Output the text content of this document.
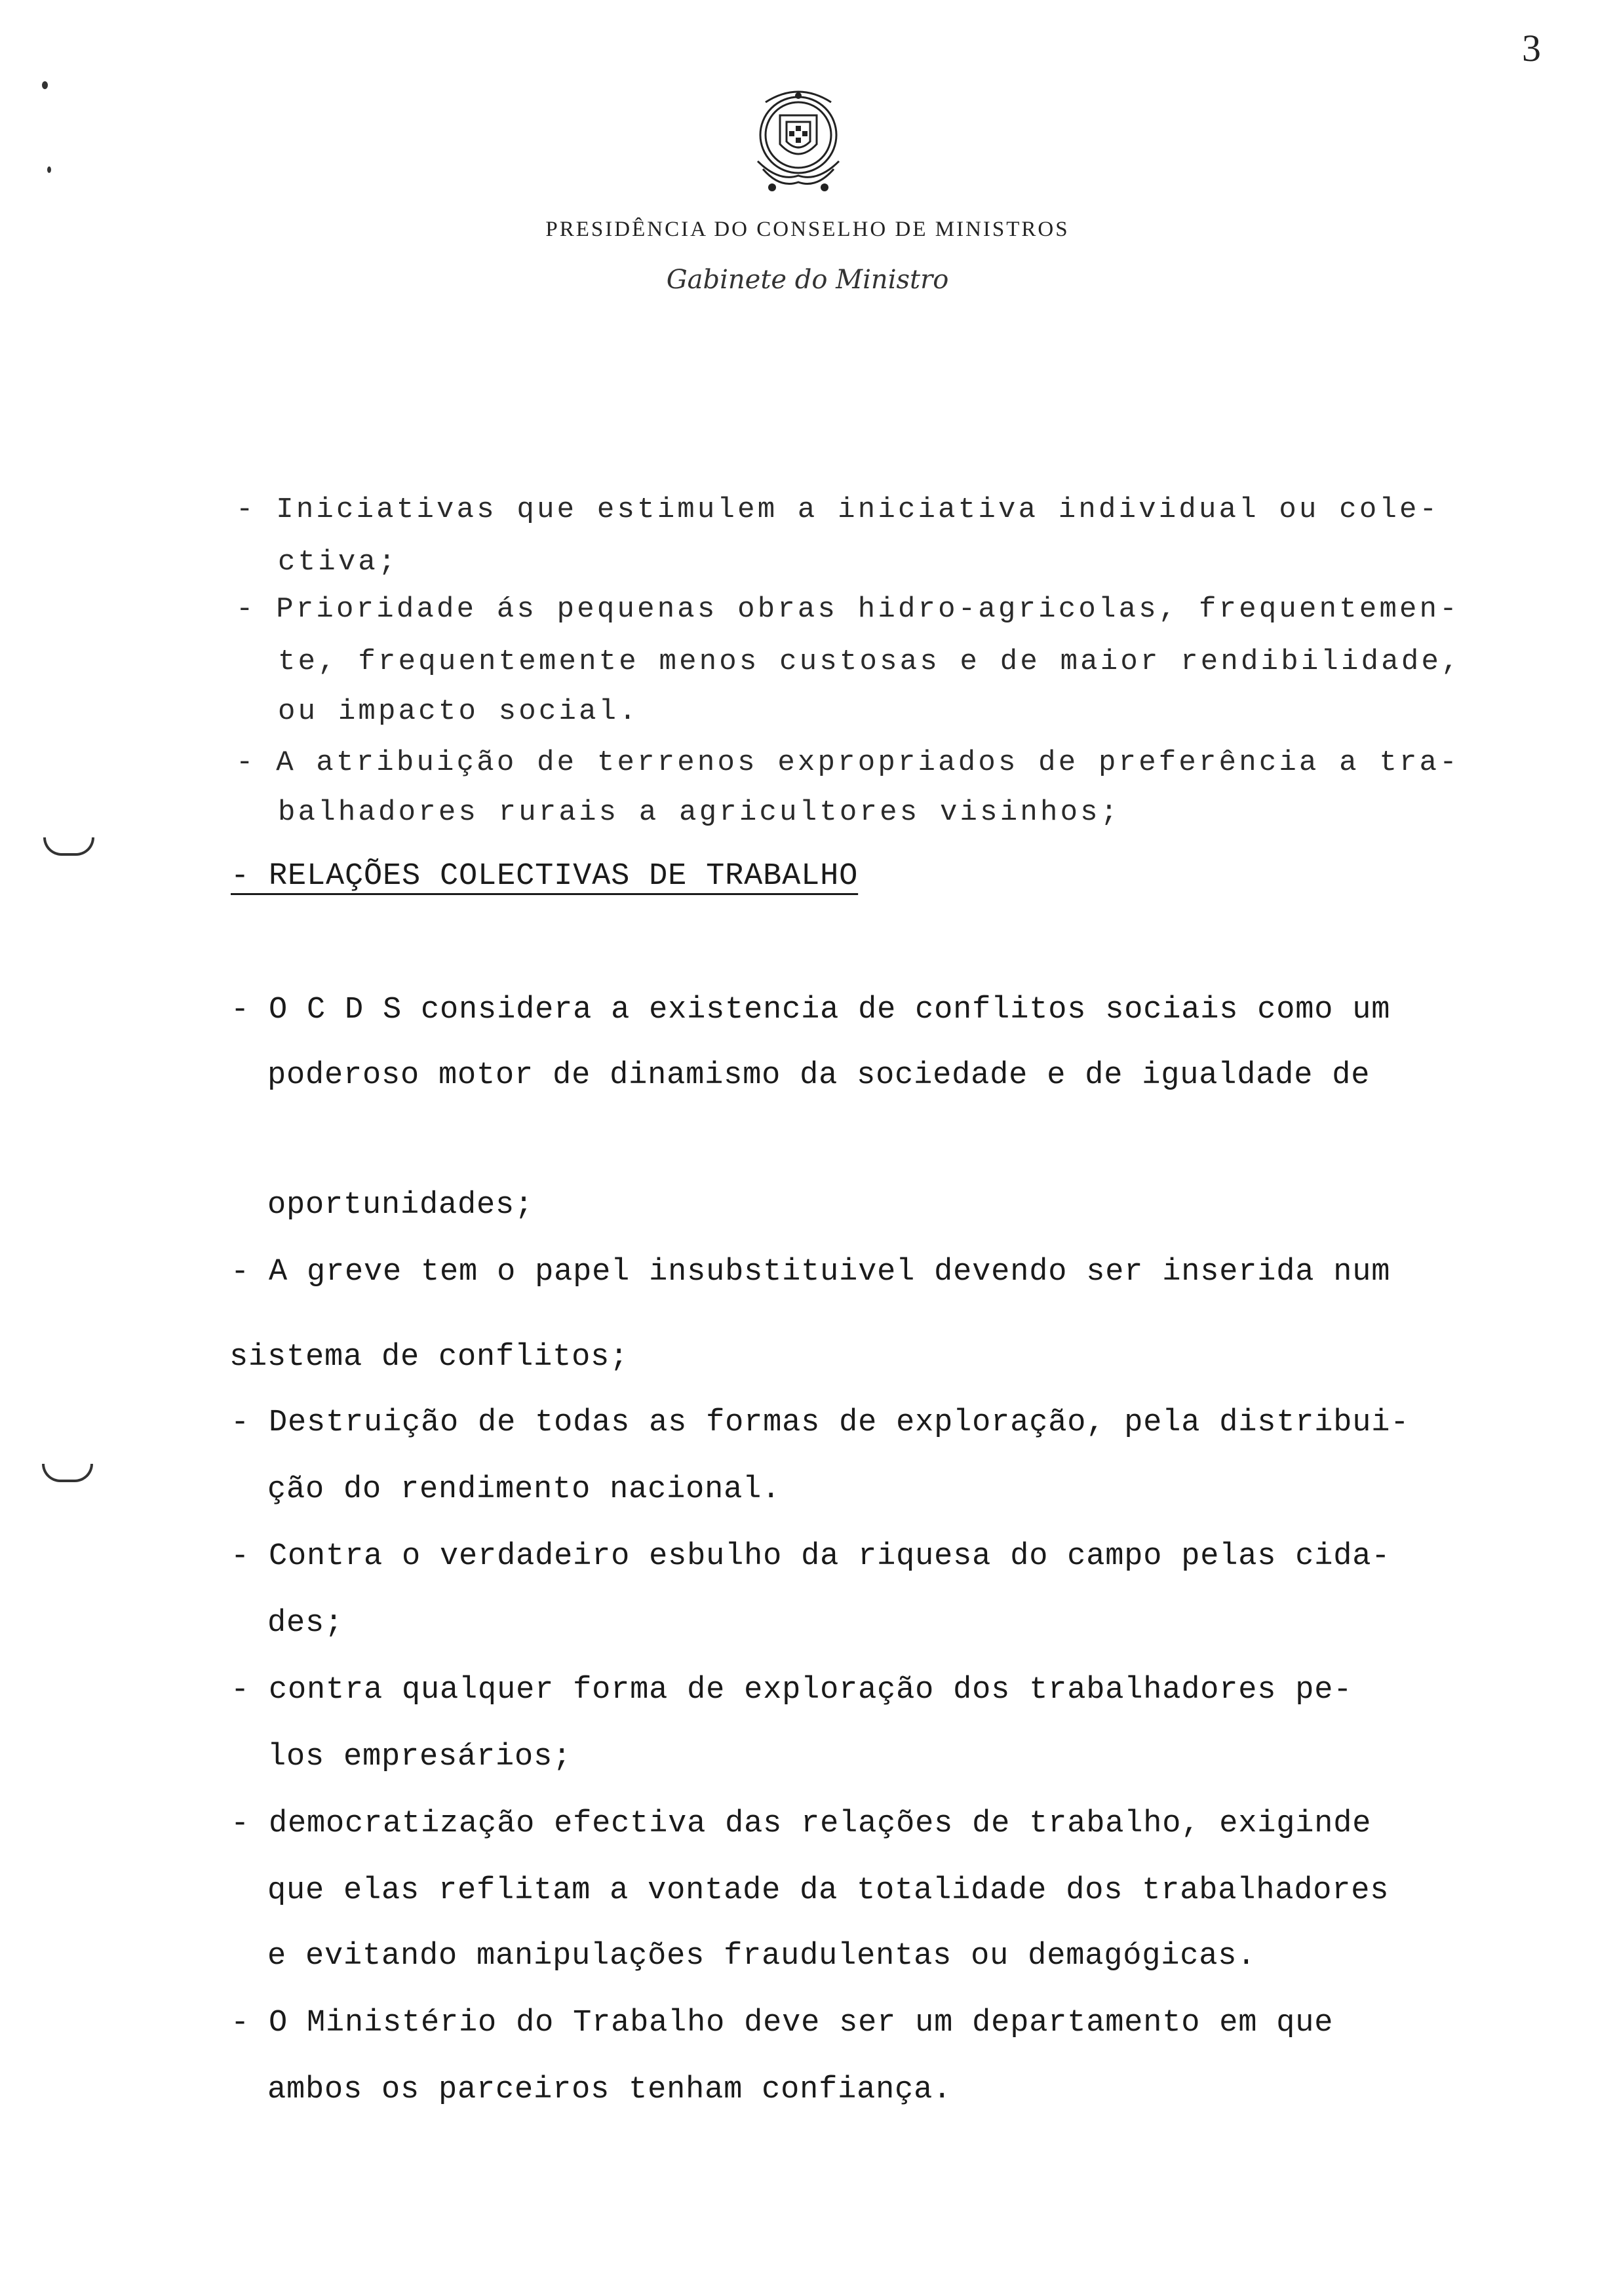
3
PRESIDÊNCIA DO CONSELHO DE MINISTROS
Gabinete do Ministro
- Iniciativas que estimulem a iniciativa individual ou cole-
ctiva;
- Prioridade ás pequenas obras hidro-agricolas, frequentemen-
te, frequentemente menos custosas e de maior rendibilidade,
ou impacto social.
- A atribuição de terrenos expropriados de preferência a tra-
balhadores rurais a agricultores visinhos;
- RELAÇÕES COLECTIVAS DE TRABALHO
- O C D S considera a existencia de conflitos sociais como um
poderoso motor de dinamismo da sociedade e de igualdade de
oportunidades;
- A greve tem o papel insubstituivel devendo ser inserida num
sistema de conflitos;
- Destruição de todas as formas de exploração, pela distribui-
ção do rendimento nacional.
- Contra o verdadeiro esbulho da riquesa do campo pelas cida-
des;
- contra qualquer forma de exploração dos trabalhadores pe-
los empresários;
- democratização efectiva das relações de trabalho, exiginde
que elas reflitam a vontade da totalidade dos trabalhadores
e evitando manipulações fraudulentas ou demagógicas.
- O Ministério do Trabalho deve ser um departamento em que
ambos os parceiros tenham confiança.
